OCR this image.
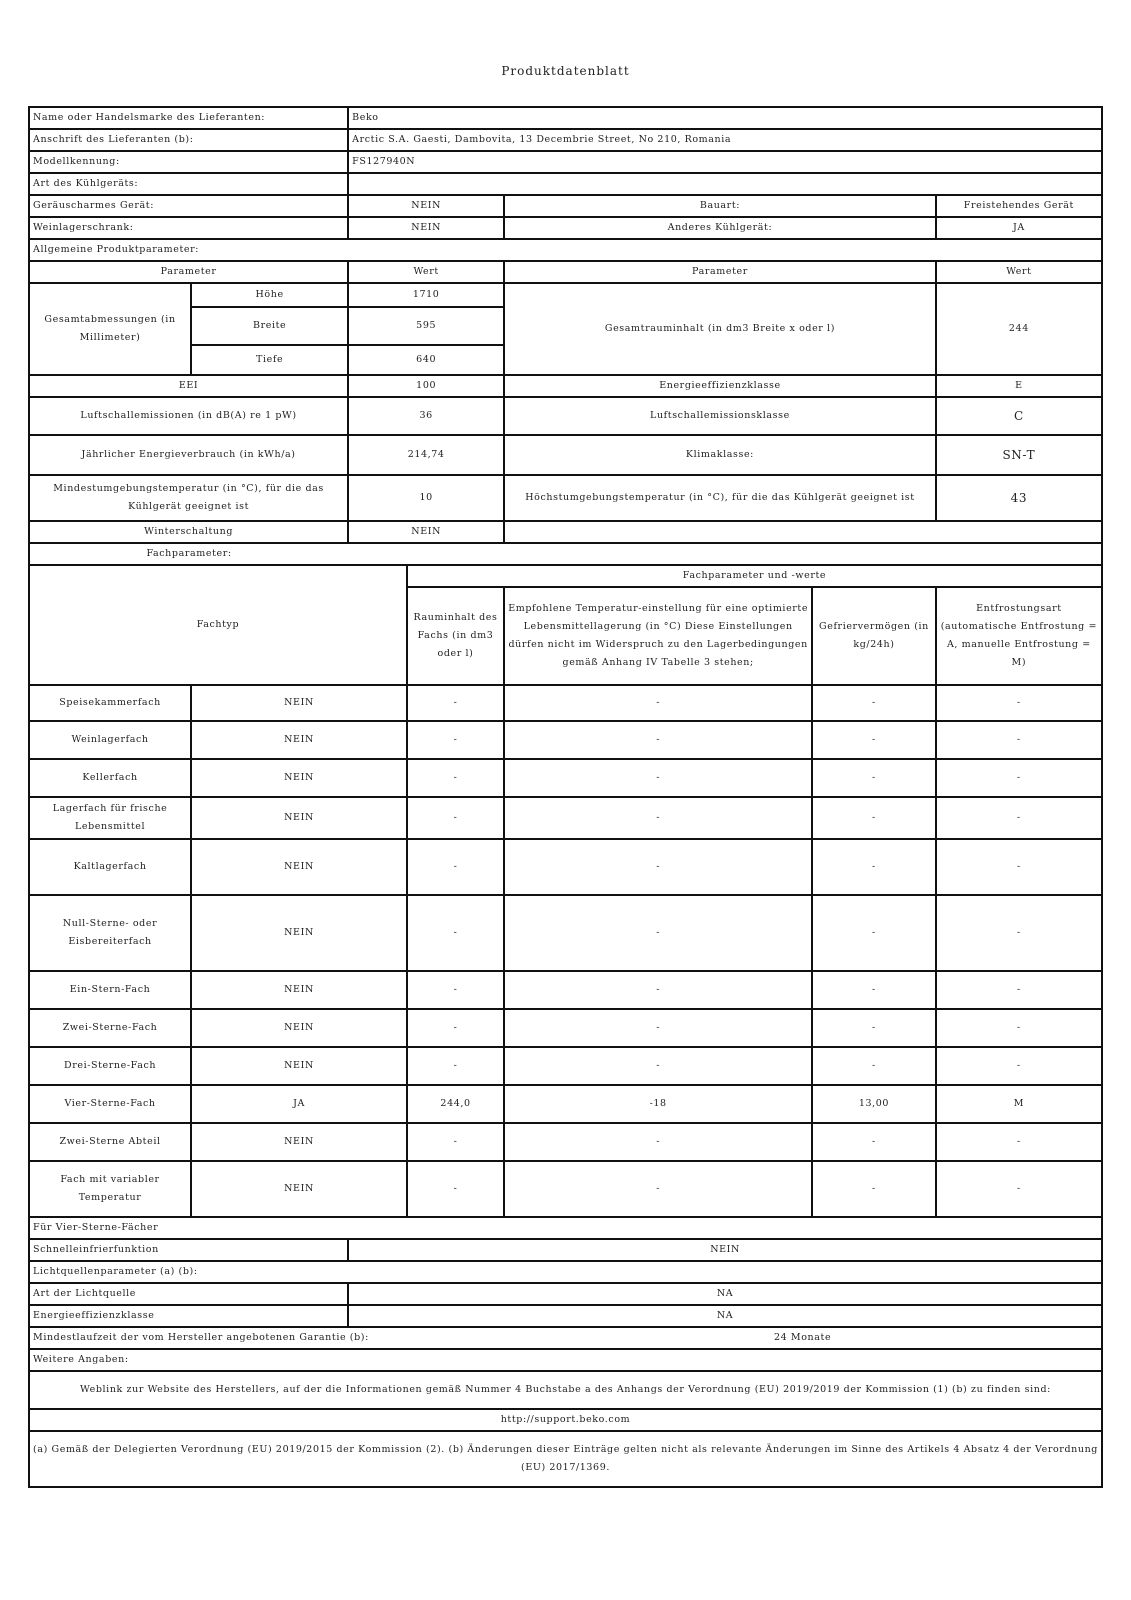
Produktdatenblatt
Name oder Handelsmarke des Lieferanten:		Beko				
Anschrift des Lieferanten (b):		Arctic S.A. Gaesti, Dambovita, 13 Decembrie Street, No 210, Romania				
Modellkennung:		FS127940N				
Art des Kühlgeräts:						
Geräuscharmes Gerät:		NEIN		Bauart:		Freistehendes Gerät
Weinlagerschrank:		NEIN		Anderes Kühlgerät:		JA
Allgemeine Produktparameter:						
Parameter		Wert		Parameter		Wert
Gesamtabmessungen (in Millimeter)	Höhe	1710		Gesamtrauminhalt (in dm3 Breite x oder l)		244
	Breite	595				
	Tiefe	640				
EEI		100		Energieeffizienzklasse		E
Luftschallemissionen (in dB(A) re 1 pW)		36		Luftschallemissionsklasse		C
Jährlicher Energieverbrauch (in kWh/a)		214,74		Klimaklasse:		SN-T
Mindestumgebungstemperatur (in °C), für die das Kühlgerät geeignet ist		10		Höchstumgebungstemperatur (in °C), für die das Kühlgerät geeignet ist		43
Winterschaltung		NEIN				
Fachparameter:						
Fachtyp			Fachparameter und -werte			
			Rauminhalt des Fachs (in dm3 oder l)	Empfohlene Temperatur-einstellung für eine optimierte Lebensmittellagerung (in °C) Diese Einstellungen dürfen nicht im Widerspruch zu den Lagerbedingungen gemäß Anhang IV Tabelle 3 stehen;	Gefriervermögen (in kg/24h)	Entfrostungsart (automatische Entfrostung = A, manuelle Entfrostung = M)
Speisekammerfach	NEIN		-	-	-	-
Weinlagerfach	NEIN		-	-	-	-
Kellerfach	NEIN		-	-	-	-
Lagerfach für frische Lebensmittel	NEIN		-	-	-	-
Kaltlagerfach	NEIN		-	-	-	-
Null-Sterne- oder Eisbereiterfach	NEIN		-	-	-	-
Ein-Stern-Fach	NEIN		-	-	-	-
Zwei-Sterne-Fach	NEIN		-	-	-	-
Drei-Sterne-Fach	NEIN		-	-	-	-
Vier-Sterne-Fach	JA		244,0	-18	13,00	M
Zwei-Sterne Abteil	NEIN		-	-	-	-
Fach mit variabler Temperatur	NEIN		-	-	-	-
Für Vier-Sterne-Fächer						
Schnelleinfrierfunktion		NEIN				
Lichtquellenparameter (a) (b):						
Art der Lichtquelle		NA				
Energieeffizienzklasse		NA				
Mindestlaufzeit der vom Hersteller angebotenen Garantie (b):				24 Monate		
Weitere Angaben:						
Weblink zur Website des Herstellers, auf der die Informationen gemäß Nummer 4 Buchstabe a des Anhangs der Verordnung (EU) 2019/2019 der Kommission (1) (b) zu finden sind:						
http://support.beko.com						
(a) Gemäß der Delegierten Verordnung (EU) 2019/2015 der Kommission (2). (b) Änderungen dieser Einträge gelten nicht als relevante Änderungen im Sinne des Artikels 4 Absatz 4 der Verordnung (EU) 2017/1369.						
